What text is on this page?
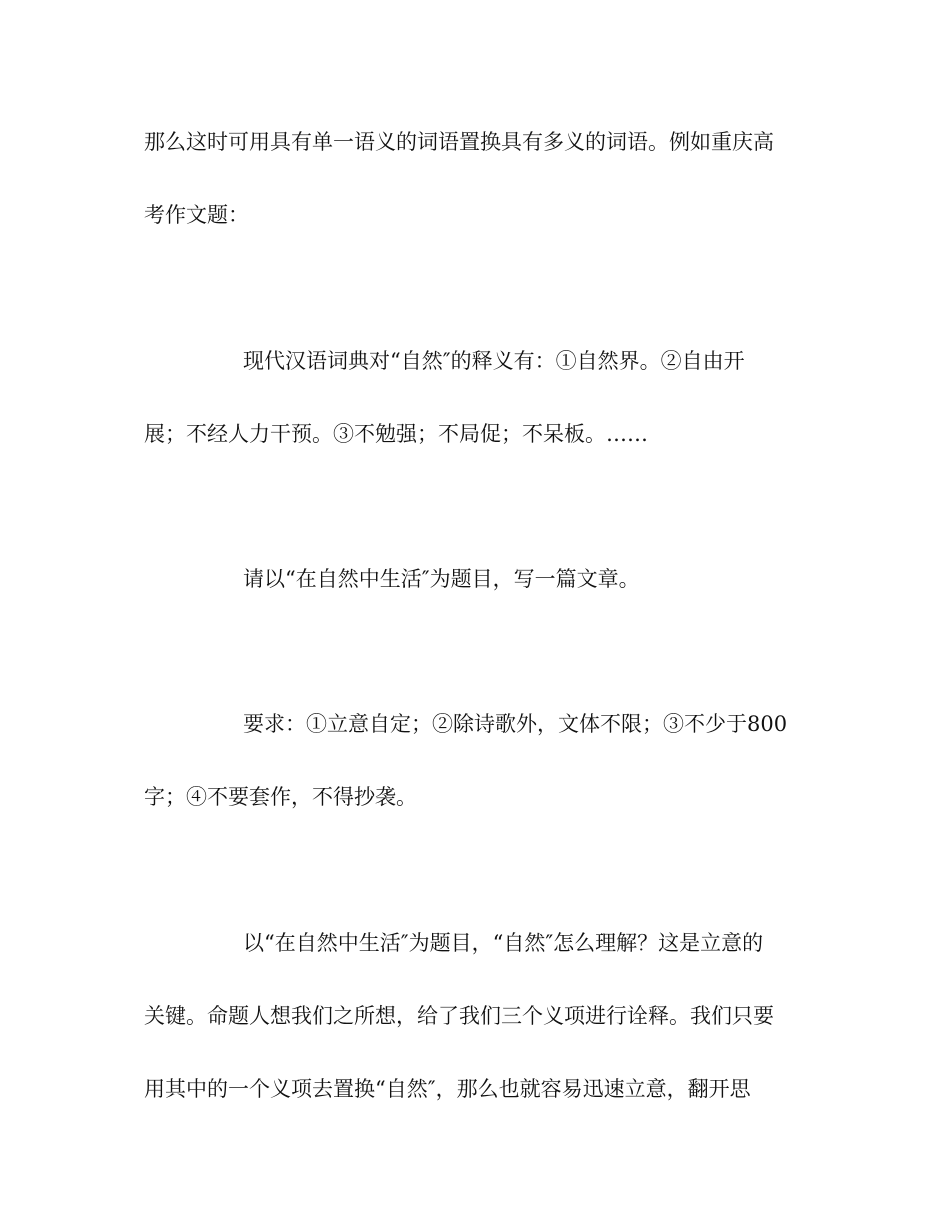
那么这时可用具有单一语义的词语置换具有多义的词语。例如重庆高
考作文题：
现代汉语词典对“自然″的释义有：①自然界。②自由开
展；不经人力干预。③不勉强；不局促；不呆板。……
请以“在自然中生活″为题目，写一篇文章。
要求：①立意自定；②除诗歌外，文体不限；③不少于800
字；④不要套作，不得抄袭。
以“在自然中生活″为题目，“自然″怎么理解？这是立意的
关键。命题人想我们之所想，给了我们三个义项进行诠释。我们只要
用其中的一个义项去置换“自然″，那么也就容易迅速立意，翻开思
